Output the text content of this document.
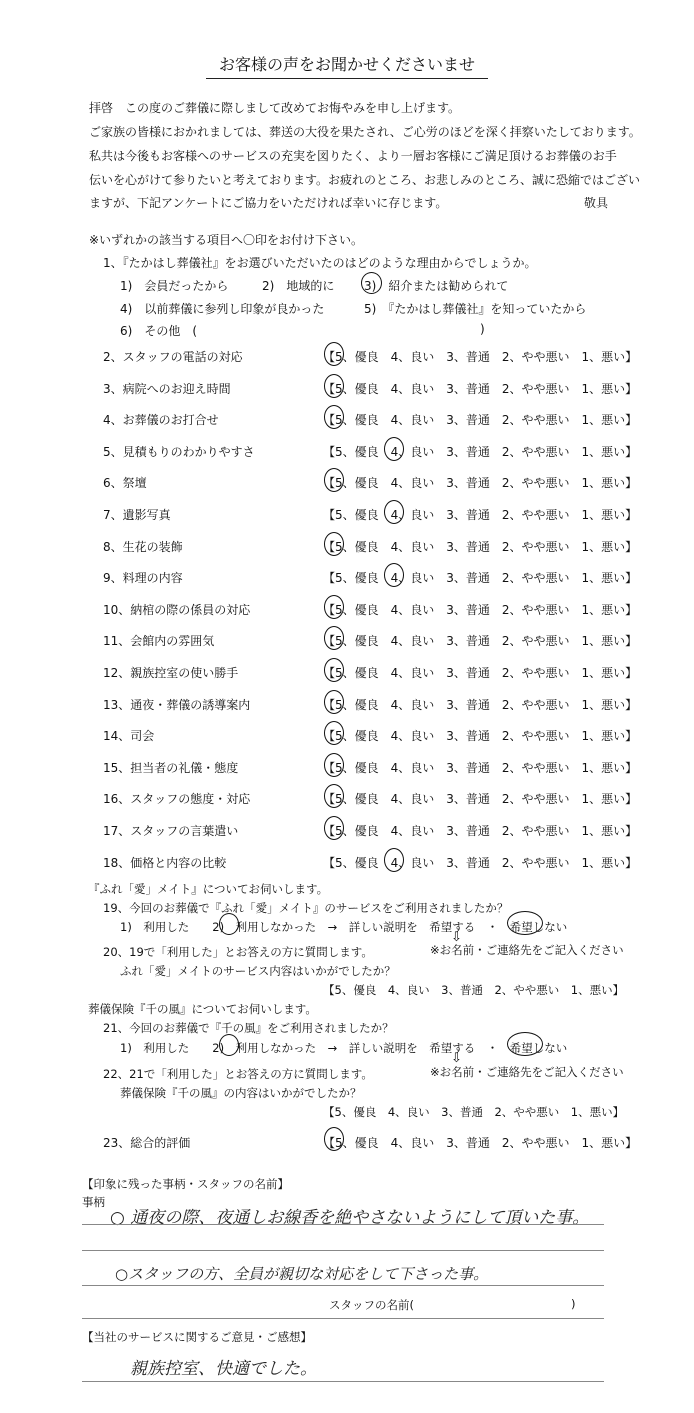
お客様の声をお聞かせくださいませ
拝啓　この度のご葬儀に際しまして改めてお悔やみを申し上げます。
ご家族の皆様におかれましては、葬送の大役を果たされ、ご心労のほどを深く拝察いたしております。
私共は今後もお客様へのサービスの充実を図りたく、より一層お客様にご満足頂けるお葬儀のお手
伝いを心がけて参りたいと考えております。お疲れのところ、お悲しみのところ、誠に恐縮ではござい
ますが、下記アンケートにご協力をいただければ幸いに存じます。	敬具
※いずれかの該当する項目へ〇印をお付け下さい。
1、『たかはし葬儀社』をお選びいただいたのはどのような理由からでしょうか。
1)　会員だったから	2)　地域的に 3)　紹介または勧められて
4)　以前葬儀に参列し印象が良かった	5)　『たかはし葬儀社』を知っていたから
6)　その他　(	)
2、スタッフの電話の対応	【5、優良　4、良い　3、普通　2、やや悪い　1、悪い】
3、病院へのお迎え時間	【5、優良　4、良い　3、普通　2、やや悪い　1、悪い】
4、お葬儀のお打合せ	【5、優良　4、良い　3、普通　2、やや悪い　1、悪い】
5、見積もりのわかりやすさ	【5、優良　4、良い　3、普通　2、やや悪い　1、悪い】
6、祭壇	【5、優良　4、良い　3、普通　2、やや悪い　1、悪い】
7、遺影写真	【5、優良　4、良い　3、普通　2、やや悪い　1、悪い】
8、生花の装飾	【5、優良　4、良い　3、普通　2、やや悪い　1、悪い】
9、料理の内容	【5、優良　4、良い　3、普通　2、やや悪い　1、悪い】
10、納棺の際の係員の対応	【5、優良　4、良い　3、普通　2、やや悪い　1、悪い】
11、会館内の雰囲気	【5、優良　4、良い　3、普通　2、やや悪い　1、悪い】
12、親族控室の使い勝手	【5、優良　4、良い　3、普通　2、やや悪い　1、悪い】
13、通夜・葬儀の誘導案内	【5、優良　4、良い　3、普通　2、やや悪い　1、悪い】
14、司会	【5、優良　4、良い　3、普通　2、やや悪い　1、悪い】
15、担当者の礼儀・態度	【5、優良　4、良い　3、普通　2、やや悪い　1、悪い】
16、スタッフの態度・対応	【5、優良　4、良い　3、普通　2、やや悪い　1、悪い】
17、スタッフの言葉遣い	【5、優良　4、良い　3、普通　2、やや悪い　1、悪い】
18、価格と内容の比較	【5、優良　4、良い　3、普通　2、やや悪い　1、悪い】
『ふれ「愛」メイト』についてお伺いします。
19、今回のお葬儀で『ふれ「愛」メイト』のサービスをご利用されましたか？
1)　利用した　　2)　利用しなかった　→　詳しい説明を　希望する　・　希望しない
⇩
※お名前・ご連絡先をご記入ください
20、19で「利用した」とお答えの方に質問します。
ふれ「愛」メイトのサービス内容はいかがでしたか？
【5、優良　4、良い　3、普通　2、やや悪い　1、悪い】
葬儀保険『千の風』についてお伺いします。
21、今回のお葬儀で『千の風』をご利用されましたか？
1)　利用した　　2)　利用しなかった　→　詳しい説明を　希望する　・　希望しない
⇩
※お名前・ご連絡先をご記入ください
22、21で「利用した」とお答えの方に質問します。
葬儀保険『千の風』の内容はいかがでしたか？
【5、優良　4、良い　3、普通　2、やや悪い　1、悪い】
23、総合的評価	【5、優良　4、良い　3、普通　2、やや悪い　1、悪い】
【印象に残った事柄・スタッフの名前】
事柄
○ 通夜の際、夜通しお線香を絶やさないようにして頂いた事。
○スタッフの方、全員が親切な対応をして下さった事。
スタッフの名前(	)
【当社のサービスに関するご意見・ご感想】
親族控室、快適でした。
